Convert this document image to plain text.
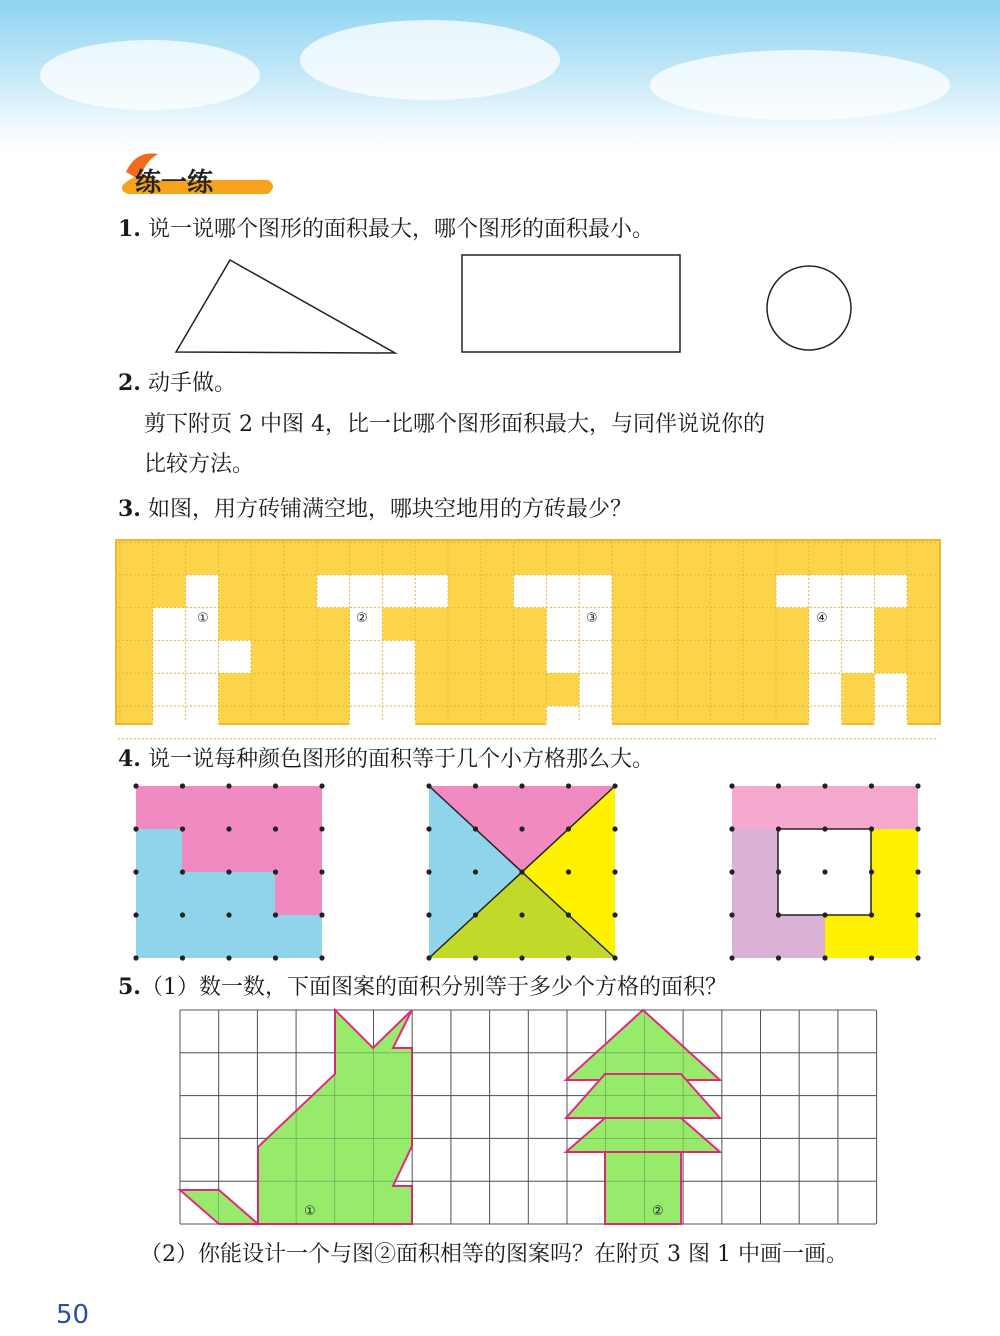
练一练
1. 说一说哪个图形的面积最大，哪个图形的面积最小。
2. 动手做。
剪下附页 2 中图 4，比一比哪个图形面积最大，与同伴说说你的
比较方法。
3. 如图，用方砖铺满空地，哪块空地用的方砖最少？
①	②	③	④
4. 说一说每种颜色图形的面积等于几个小方格那么大。
5.（1）数一数，下面图案的面积分别等于多少个方格的面积？
①	②
（2）你能设计一个与图②面积相等的图案吗？在附页 3 图 1 中画一画。
50
